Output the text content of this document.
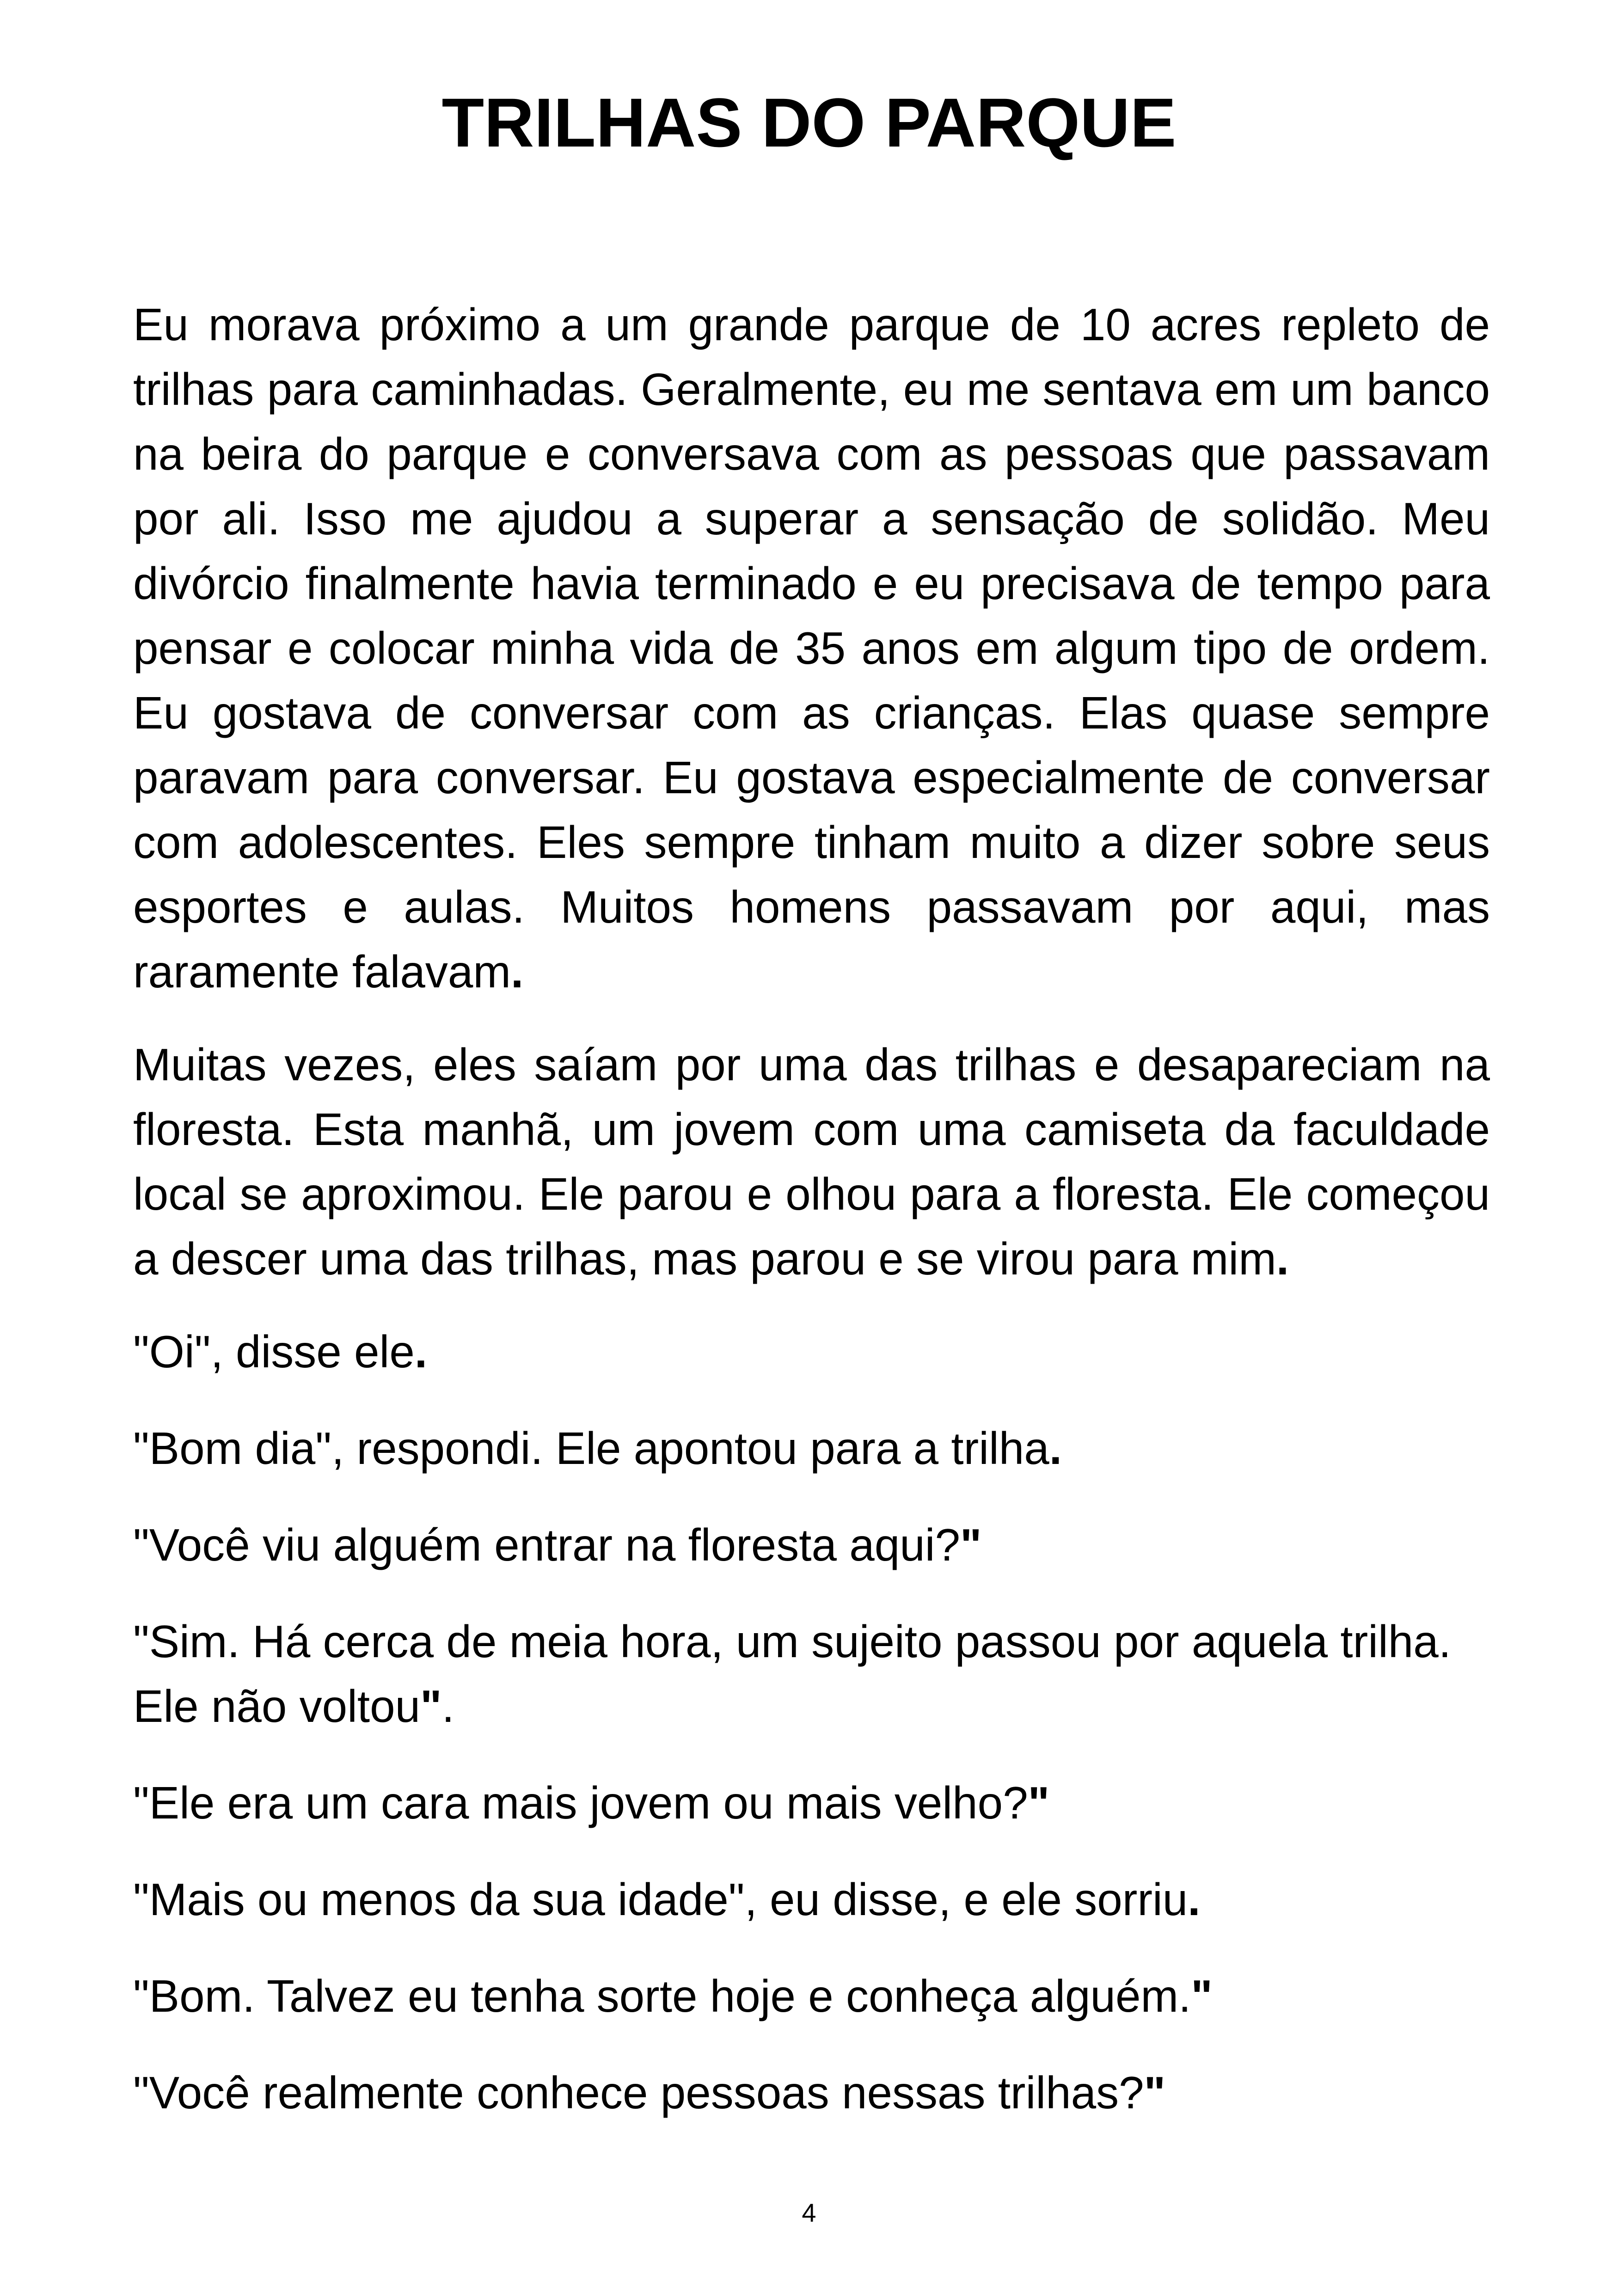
TRILHAS DO PARQUE

Eu morava próximo a um grande parque de 10 acres repleto de trilhas para caminhadas. Geralmente, eu me sentava em um banco na beira do parque e conversava com as pessoas que passavam por ali. Isso me ajudou a superar a sensação de solidão. Meu divórcio finalmente havia terminado e eu precisava de tempo para pensar e colocar minha vida de 35 anos em algum tipo de ordem. Eu gostava de conversar com as crianças. Elas quase sempre paravam para conversar. Eu gostava especialmente de conversar com adolescentes. Eles sempre tinham muito a dizer sobre seus esportes e aulas. Muitos homens passavam por aqui, mas raramente falavam.

Muitas vezes, eles saíam por uma das trilhas e desapareciam na floresta. Esta manhã, um jovem com uma camiseta da faculdade local se aproximou. Ele parou e olhou para a floresta. Ele começou a descer uma das trilhas, mas parou e se virou para mim.

"Oi", disse ele.

"Bom dia", respondi. Ele apontou para a trilha.

"Você viu alguém entrar na floresta aqui?"

"Sim. Há cerca de meia hora, um sujeito passou por aquela trilha. Ele não voltou".

"Ele era um cara mais jovem ou mais velho?"

"Mais ou menos da sua idade", eu disse, e ele sorriu.

"Bom. Talvez eu tenha sorte hoje e conheça alguém."

"Você realmente conhece pessoas nessas trilhas?"

4
